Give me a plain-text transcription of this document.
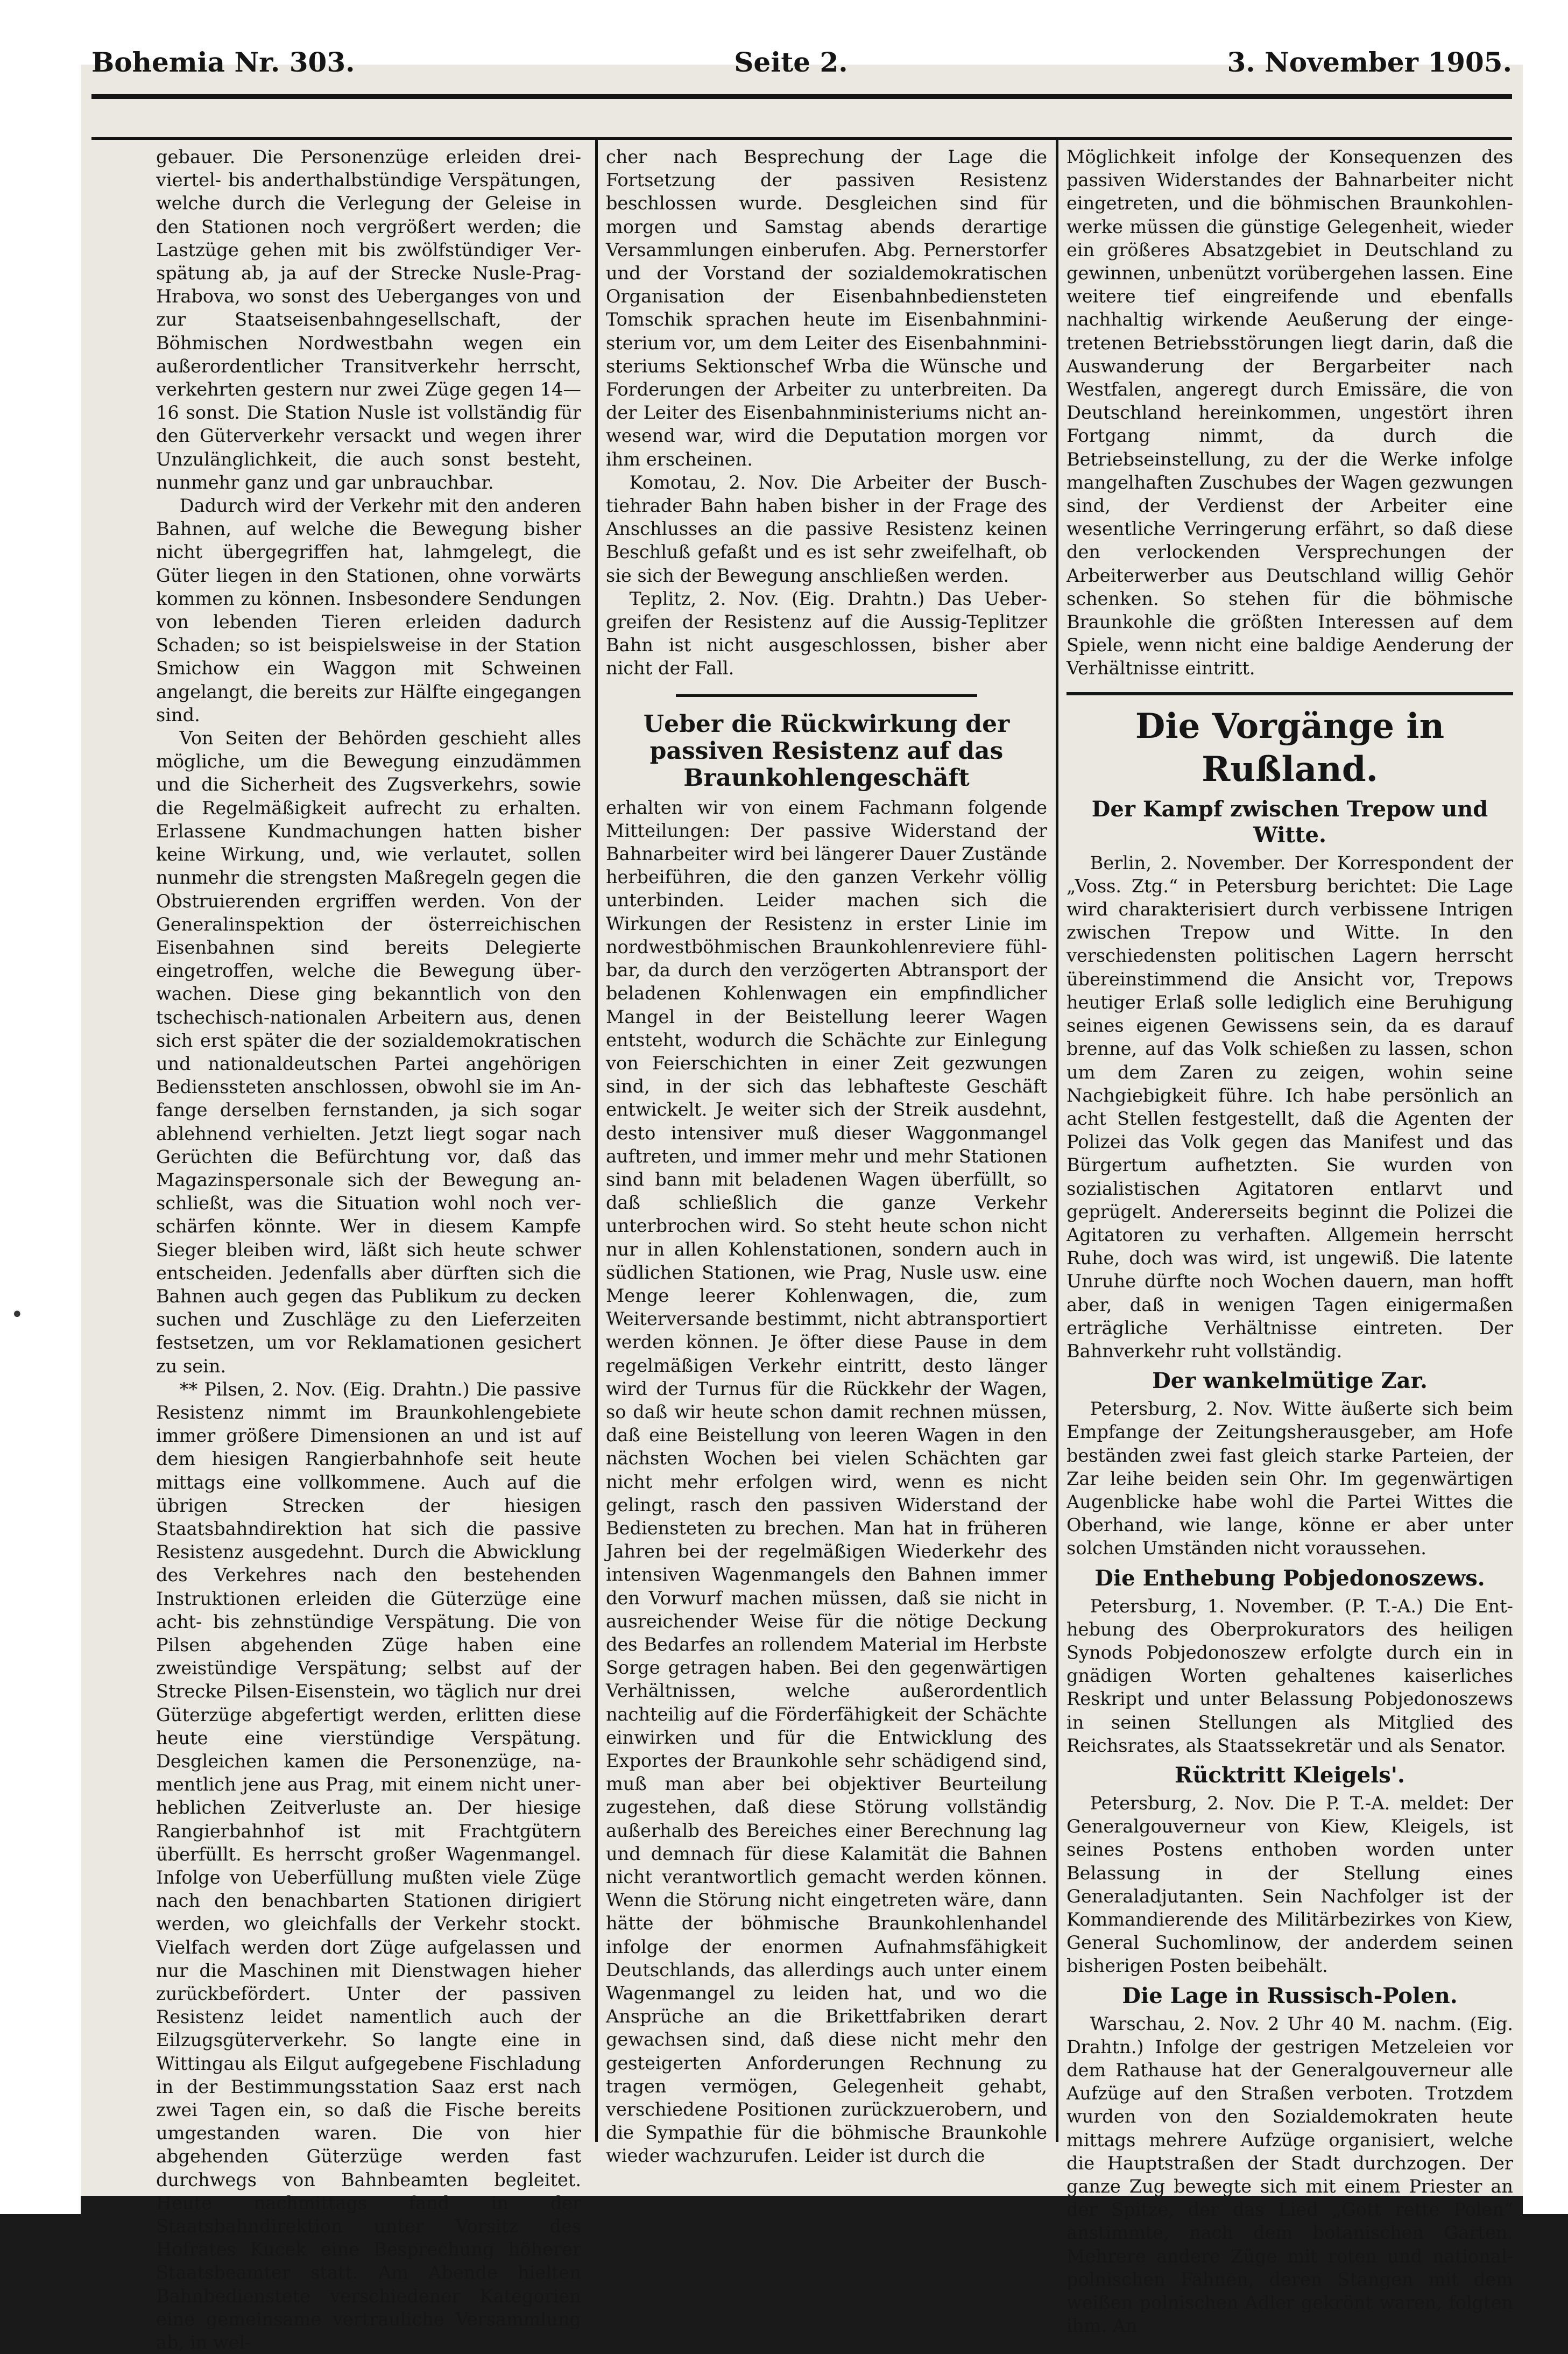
•
Bohemia Nr. 303.	Seite 2.	3. November 1905.

gebauer. Die Personenzüge erleiden dreiviertel- bis anderthalbstündige Verspätungen, welche durch die Verlegung der Geleise in den Stationen noch vergrößert werden; die Lastzüge gehen mit bis zwölfstündiger Verspätung ab, ja auf der Strecke Nusle-Prag-Hrabova, wo sonst des Ueberganges von und zur Staatseisenbahngesellschaft, der Böhmischen Nordwestbahn wegen ein außerordentlicher Transitverkehr herrscht, verkehrten gestern nur zwei Züge gegen 14—16 sonst. Die Station Nusle ist vollständig für den Güterverkehr versackt und wegen ihrer Unzulänglichkeit, die auch sonst besteht, nunmehr ganz und gar unbrauchbar.

Dadurch wird der Verkehr mit den anderen Bahnen, auf welche die Bewegung bisher nicht übergegriffen hat, lahmgelegt, die Güter liegen in den Stationen, ohne vorwärts kommen zu können. Insbesondere Sendungen von lebenden Tieren erleiden dadurch Schaden; so ist beispielsweise in der Station Smichow ein Waggon mit Schweinen angelangt, die bereits zur Hälfte eingegangen sind.

Von Seiten der Behörden geschieht alles mögliche, um die Bewegung einzudämmen und die Sicherheit des Zugsverkehrs, sowie die Regelmäßigkeit aufrecht zu erhalten. Erlassene Kundmachungen hatten bisher keine Wirkung, und, wie verlautet, sollen nunmehr die strengsten Maßregeln gegen die Obstruierenden ergriffen werden. Von der Generalinspektion der österreichischen Eisenbahnen sind bereits Delegierte eingetroffen, welche die Bewegung überwachen. Diese ging bekanntlich von den tschechisch-nationalen Arbeitern aus, denen sich erst später die der sozialdemokratischen und nationaldeutschen Partei angehörigen Bedienssteten anschlossen, obwohl sie im Anfange derselben fernstanden, ja sich sogar ablehnend verhielten. Jetzt liegt sogar nach Gerüchten die Befürchtung vor, daß das Magazinspersonale sich der Bewegung anschließt, was die Situation wohl noch verschärfen könnte. Wer in diesem Kampfe Sieger bleiben wird, läßt sich heute schwer entscheiden. Jedenfalls aber dürften sich die Bahnen auch gegen das Publikum zu decken suchen und Zuschläge zu den Lieferzeiten festsetzen, um vor Reklamationen gesichert zu sein.

** Pilsen, 2. Nov. (Eig. Drahtn.) Die passive Resistenz nimmt im Braunkohlengebiete immer größere Dimensionen an und ist auf dem hiesigen Rangierbahnhofe seit heute mittags eine vollkommene. Auch auf die übrigen Strecken der hiesigen Staatsbahndirektion hat sich die passive Resistenz ausgedehnt. Durch die Abwicklung des Verkehres nach den bestehenden Instruktionen erleiden die Güterzüge eine acht- bis zehnstündige Verspätung. Die von Pilsen abgehenden Züge haben eine zweistündige Verspätung; selbst auf der Strecke Pilsen-Eisenstein, wo täglich nur drei Güterzüge abgefertigt werden, erlitten diese heute eine vierstündige Verspätung. Desgleichen kamen die Personenzüge, namentlich jene aus Prag, mit einem nicht unerheblichen Zeitverluste an. Der hiesige Rangierbahnhof ist mit Frachtgütern überfüllt. Es herrscht großer Wagenmangel. Infolge von Ueberfüllung mußten viele Züge nach den benachbarten Stationen dirigiert werden, wo gleichfalls der Verkehr stockt. Vielfach werden dort Züge aufgelassen und nur die Maschinen mit Dienstwagen hieher zurückbefördert. Unter der passiven Resistenz leidet namentlich auch der Eilzugsgüterverkehr. So langte eine in Wittingau als Eilgut aufgegebene Fischladung in der Bestimmungsstation Saaz erst nach zwei Tagen ein, so daß die Fische bereits umgestanden waren. Die von hier abgehenden Güterzüge werden fast durchwegs von Bahnbeamten begleitet. Heute nachmittags fand in der Staatsbahndirektion unter Vorsitz des Hofrates Kucek eine Besprechung höherer Staatsbeamter statt. Am Abende hielten Bahnbedienstete verschiedener Kategorien eine gemeinsame vertrauliche Versammlung ab, in wel-

cher nach Besprechung der Lage die Fortsetzung der passiven Resistenz beschlossen wurde. Desgleichen sind für morgen und Samstag abends derartige Versammlungen einberufen. Abg. Pernerstorfer und der Vorstand der sozialdemokratischen Organisation der Eisenbahnbediensteten Tomschik sprachen heute im Eisenbahnministerium vor, um dem Leiter des Eisenbahnministeriums Sektionschef Wrba die Wünsche und Forderungen der Arbeiter zu unterbreiten. Da der Leiter des Eisenbahnministeriums nicht anwesend war, wird die Deputation morgen vor ihm erscheinen.

Komotau, 2. Nov. Die Arbeiter der Buschtiehrader Bahn haben bisher in der Frage des Anschlusses an die passive Resistenz keinen Beschluß gefaßt und es ist sehr zweifelhaft, ob sie sich der Bewegung anschließen werden.

Teplitz, 2. Nov. (Eig. Drahtn.) Das Uebergreifen der Resistenz auf die Aussig-Teplitzer Bahn ist nicht ausgeschlossen, bisher aber nicht der Fall.

Ueber die Rückwirkung der passiven Resistenz auf das Braunkohlengeschäft

erhalten wir von einem Fachmann folgende Mitteilungen: Der passive Widerstand der Bahnarbeiter wird bei längerer Dauer Zustände herbeiführen, die den ganzen Verkehr völlig unterbinden. Leider machen sich die Wirkungen der Resistenz in erster Linie im nordwestböhmischen Braunkohlenreviere fühlbar, da durch den verzögerten Abtransport der beladenen Kohlenwagen ein empfindlicher Mangel in der Beistellung leerer Wagen entsteht, wodurch die Schächte zur Einlegung von Feierschichten in einer Zeit gezwungen sind, in der sich das lebhafteste Geschäft entwickelt. Je weiter sich der Streik ausdehnt, desto intensiver muß dieser Waggonmangel auftreten, und immer mehr und mehr Stationen sind bann mit beladenen Wagen überfüllt, so daß schließlich die ganze Verkehr unterbrochen wird. So steht heute schon nicht nur in allen Kohlenstationen, sondern auch in südlichen Stationen, wie Prag, Nusle usw. eine Menge leerer Kohlenwagen, die, zum Weiterversande bestimmt, nicht abtransportiert werden können. Je öfter diese Pause in dem regelmäßigen Verkehr eintritt, desto länger wird der Turnus für die Rückkehr der Wagen, so daß wir heute schon damit rechnen müssen, daß eine Beistellung von leeren Wagen in den nächsten Wochen bei vielen Schächten gar nicht mehr erfolgen wird, wenn es nicht gelingt, rasch den passiven Widerstand der Bediensteten zu brechen. Man hat in früheren Jahren bei der regelmäßigen Wiederkehr des intensiven Wagenmangels den Bahnen immer den Vorwurf machen müssen, daß sie nicht in ausreichender Weise für die nötige Deckung des Bedarfes an rollendem Material im Herbste Sorge getragen haben. Bei den gegenwärtigen Verhältnissen, welche außerordentlich nachteilig auf die Förderfähigkeit der Schächte einwirken und für die Entwicklung des Exportes der Braunkohle sehr schädigend sind, muß man aber bei objektiver Beurteilung zugestehen, daß diese Störung vollständig außerhalb des Bereiches einer Berechnung lag und demnach für diese Kalamität die Bahnen nicht verantwortlich gemacht werden können. Wenn die Störung nicht eingetreten wäre, dann hätte der böhmische Braunkohlenhandel infolge der enormen Aufnahmsfähigkeit Deutschlands, das allerdings auch unter einem Wagenmangel zu leiden hat, und wo die Ansprüche an die Brikettfabriken derart gewachsen sind, daß diese nicht mehr den gesteigerten Anforderungen Rechnung zu tragen vermögen, Gelegenheit gehabt, verschiedene Positionen zurückzuerobern, und die Sympathie für die böhmische Braunkohle wieder wachzurufen. Leider ist durch die

Möglichkeit infolge der Konsequenzen des passiven Widerstandes der Bahnarbeiter nicht eingetreten, und die böhmischen Braunkohlenwerke müssen die günstige Gelegenheit, wieder ein größeres Absatzgebiet in Deutschland zu gewinnen, unbenützt vorübergehen lassen. Eine weitere tief eingreifende und ebenfalls nachhaltig wirkende Aeußerung der eingetretenen Betriebsstörungen liegt darin, daß die Auswanderung der Bergarbeiter nach Westfalen, angeregt durch Emissäre, die von Deutschland hereinkommen, ungestört ihren Fortgang nimmt, da durch die Betriebseinstellung, zu der die Werke infolge mangelhaften Zuschubes der Wagen gezwungen sind, der Verdienst der Arbeiter eine wesentliche Verringerung erfährt, so daß diese den verlockenden Versprechungen der Arbeiterwerber aus Deutschland willig Gehör schenken. So stehen für die böhmische Braunkohle die größten Interessen auf dem Spiele, wenn nicht eine baldige Aenderung der Verhältnisse eintritt.

Die Vorgänge in Rußland.
Der Kampf zwischen Trepow und Witte.

Berlin, 2. November. Der Korrespondent der „Voss. Ztg.“ in Petersburg berichtet: Die Lage wird charakterisiert durch verbissene Intrigen zwischen Trepow und Witte. In den verschiedensten politischen Lagern herrscht übereinstimmend die Ansicht vor, Trepows heutiger Erlaß solle lediglich eine Beruhigung seines eigenen Gewissens sein, da es darauf brenne, auf das Volk schießen zu lassen, schon um dem Zaren zu zeigen, wohin seine Nachgiebigkeit führe. Ich habe persönlich an acht Stellen festgestellt, daß die Agenten der Polizei das Volk gegen das Manifest und das Bürgertum aufhetzten. Sie wurden von sozialistischen Agitatoren entlarvt und geprügelt. Andererseits beginnt die Polizei die Agitatoren zu verhaften. Allgemein herrscht Ruhe, doch was wird, ist ungewiß. Die latente Unruhe dürfte noch Wochen dauern, man hofft aber, daß in wenigen Tagen einigermaßen erträgliche Verhältnisse eintreten. Der Bahnverkehr ruht vollständig.

Der wankelmütige Zar.

Petersburg, 2. Nov. Witte äußerte sich beim Empfange der Zeitungsherausgeber, am Hofe beständen zwei fast gleich starke Parteien, der Zar leihe beiden sein Ohr. Im gegenwärtigen Augenblicke habe wohl die Partei Wittes die Oberhand, wie lange, könne er aber unter solchen Umständen nicht voraussehen.

Die Enthebung Pobjedonoszews.

Petersburg, 1. November. (P. T.-A.) Die Enthebung des Oberprokurators des heiligen Synods Pobjedonoszew erfolgte durch ein in gnädigen Worten gehaltenes kaiserliches Reskript und unter Belassung Pobjedonoszews in seinen Stellungen als Mitglied des Reichsrates, als Staatssekretär und als Senator.

Rücktritt Kleigels'.

Petersburg, 2. Nov. Die P. T.-A. meldet: Der Generalgouverneur von Kiew, Kleigels, ist seines Postens enthoben worden unter Belassung in der Stellung eines Generaladjutanten. Sein Nachfolger ist der Kommandierende des Militärbezirkes von Kiew, General Suchomlinow, der anderdem seinen bisherigen Posten beibehält.

Die Lage in Russisch-Polen.

Warschau, 2. Nov. 2 Uhr 40 M. nachm. (Eig. Drahtn.) Infolge der gestrigen Metzeleien vor dem Rathause hat der Generalgouverneur alle Aufzüge auf den Straßen verboten. Trotzdem wurden von den Sozialdemokraten heute mittags mehrere Aufzüge organisiert, welche die Hauptstraßen der Stadt durchzogen. Der ganze Zug bewegte sich mit einem Priester an der Spitze, der das Lied „Gott rette Polen“ anstimmte, nach dem botanischen Garten. Mehrere andere Züge mit roten und national-polnischen Fahnen, deren Stangen mit dem weißen polnischen Adler gekrönt waren, folgten ihm. An
